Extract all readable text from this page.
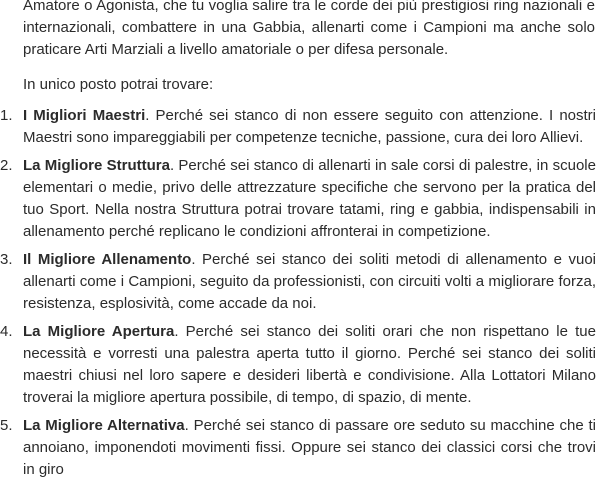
Amatore o Agonista, che tu voglia salire tra le corde dei più prestigiosi ring nazionali e internazionali, combattere in una Gabbia, allenarti come i Campioni ma anche solo praticare Arti Marziali a livello amatoriale o per difesa personale.

In unico posto potrai trovare:

1. I Migliori Maestri. Perché sei stanco di non essere seguito con attenzione. I nostri Maestri sono impareggiabili per competenze tecniche, passione, cura dei loro Allievi.
2. La Migliore Struttura. Perché sei stanco di allenarti in sale corsi di palestre, in scuole elementari o medie, privo delle attrezzature specifiche che servono per la pratica del tuo Sport. Nella nostra Struttura potrai trovare tatami, ring e gabbia, indispensabili in allenamento perché replicano le condizioni affronterai in competizione.
3. Il Migliore Allenamento. Perché sei stanco dei soliti metodi di allenamento e vuoi allenarti come i Campioni, seguito da professionisti, con circuiti volti a migliorare forza, resistenza, esplosività, come accade da noi.
4. La Migliore Apertura. Perché sei stanco dei soliti orari che non rispettano le tue necessità e vorresti una palestra aperta tutto il giorno. Perché sei stanco dei soliti maestri chiusi nel loro sapere e desideri libertà e condivisione. Alla Lottatori Milano troverai la migliore apertura possibile, di tempo, di spazio, di mente.
5. La Migliore Alternativa. Perché sei stanco di passare ore seduto su macchine che ti annoiano, imponendoti movimenti fissi. Oppure sei stanco dei classici corsi che trovi in giro
